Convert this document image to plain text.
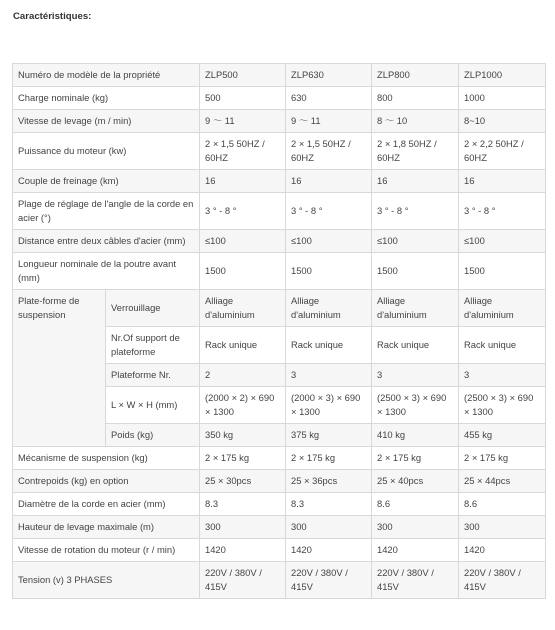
Caractéristiques:
Numéro de modèle de la propriété		ZLP500	ZLP630	ZLP800	ZLP1000
Charge nominale (kg)		500	630	800	1000
Vitesse de levage (m / min)		9 ～ 11	9 ～ 11	8 ～ 10	8~10
Puissance du moteur (kw)		2 × 1,5 50HZ / 60HZ	2 × 1,5 50HZ / 60HZ	2 × 1,8 50HZ / 60HZ	2 × 2,2 50HZ / 60HZ
Couple de freinage (km)		16	16	16	16
Plage de réglage de l'angle de la corde en acier (°)		3 ° - 8 °	3 ° - 8 °	3 ° - 8 °	3 ° - 8 °
Distance entre deux câbles d'acier (mm)		≤100	≤100	≤100	≤100
Longueur nominale de la poutre avant (mm)		1500	1500	1500	1500
Plate-forme de suspension	Verrouillage	Alliage d'aluminium	Alliage d'aluminium	Alliage d'aluminium	Alliage d'aluminium
	Nr.Of support de plateforme	Rack unique	Rack unique	Rack unique	Rack unique
	Plateforme Nr.	2	3	3	3
	L × W × H (mm)	(2000 × 2) × 690 × 1300	(2000 × 3) × 690 × 1300	(2500 × 3) × 690 × 1300	(2500 × 3) × 690 × 1300
	Poids (kg)	350 kg	375 kg	410 kg	455 kg
Mécanisme de suspension (kg)		2 × 175 kg	2 × 175 kg	2 × 175 kg	2 × 175 kg
Contrepoids (kg) en option		25 × 30pcs	25 × 36pcs	25 × 40pcs	25 × 44pcs
Diamètre de la corde en acier (mm)		8.3	8.3	8.6	8.6
Hauteur de levage maximale (m)		300	300	300	300
Vitesse de rotation du moteur (r / min)		1420	1420	1420	1420
Tension (v) 3 PHASES		220V / 380V / 415V	220V / 380V / 415V	220V / 380V / 415V	220V / 380V / 415V
